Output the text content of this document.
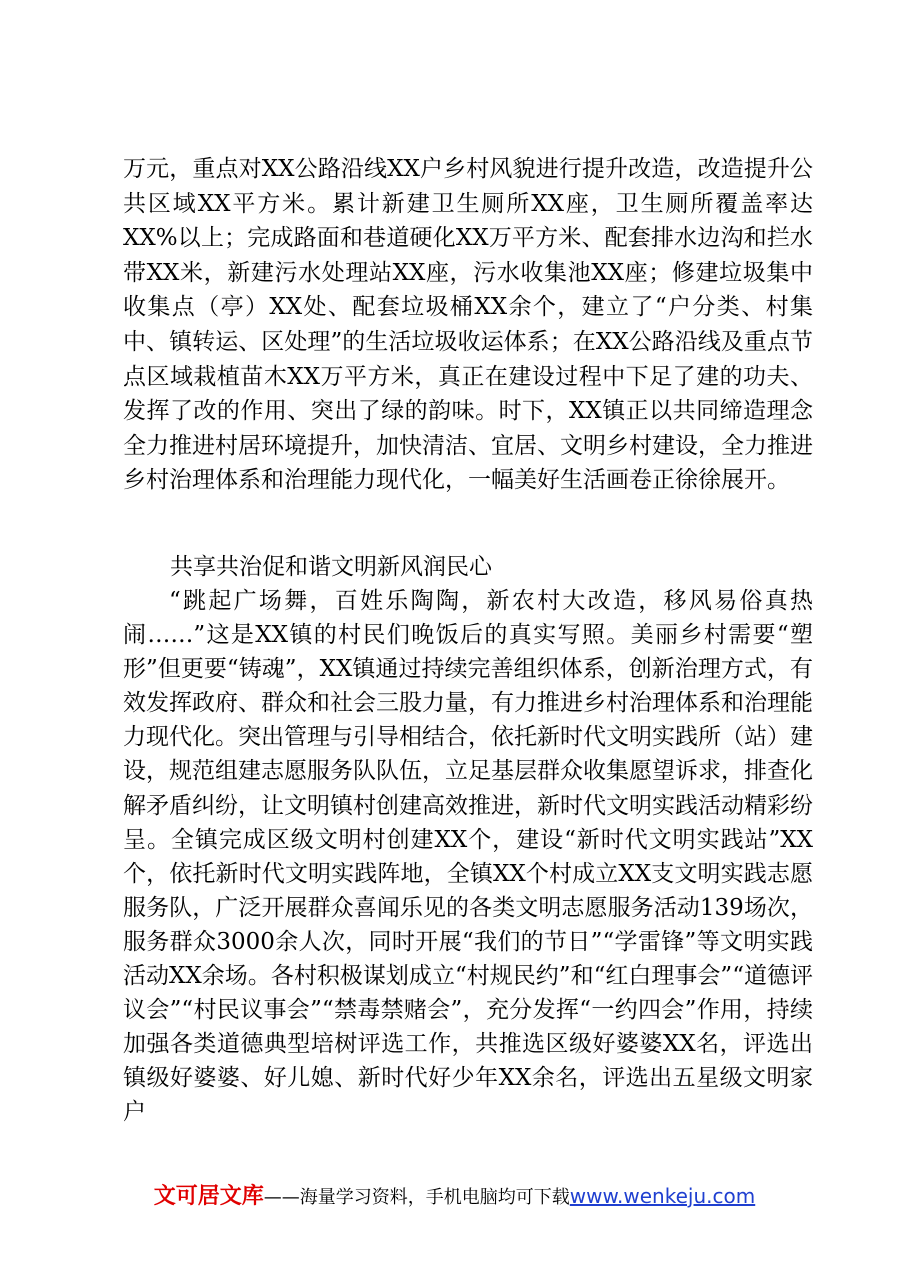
万元，重点对XX公路沿线XX户乡村风貌进行提升改造，改造提升公共区域XX平方米。累计新建卫生厕所XX座，卫生厕所覆盖率达XX%以上；完成路面和巷道硬化XX万平方米、配套排水边沟和拦水带XX米，新建污水处理站XX座，污水收集池XX座；修建垃圾集中收集点（亭）XX处、配套垃圾桶XX余个，建立了“户分类、村集中、镇转运、区处理”的生活垃圾收运体系；在XX公路沿线及重点节点区域栽植苗木XX万平方米，真正在建设过程中下足了建的功夫、发挥了改的作用、突出了绿的韵味。时下，XX镇正以共同缔造理念全力推进村居环境提升，加快清洁、宜居、文明乡村建设，全力推进乡村治理体系和治理能力现代化，一幅美好生活画卷正徐徐展开。
共享共治促和谐文明新风润民心
“跳起广场舞，百姓乐陶陶，新农村大改造，移风易俗真热闹……”这是XX镇的村民们晚饭后的真实写照。美丽乡村需要“塑形”但更要“铸魂”，XX镇通过持续完善组织体系，创新治理方式，有效发挥政府、群众和社会三股力量，有力推进乡村治理体系和治理能力现代化。突出管理与引导相结合，依托新时代文明实践所（站）建设，规范组建志愿服务队队伍，立足基层群众收集愿望诉求，排查化解矛盾纠纷，让文明镇村创建高效推进，新时代文明实践活动精彩纷呈。全镇完成区级文明村创建XX个，建设“新时代文明实践站”XX个，依托新时代文明实践阵地，全镇XX个村成立XX支文明实践志愿服务队，广泛开展群众喜闻乐见的各类文明志愿服务活动139场次，服务群众3000余人次，同时开展“我们的节日”“学雷锋”等文明实践活动XX余场。各村积极谋划成立“村规民约”和“红白理事会”“道德评议会”“村民议事会”“禁毒禁赌会”，充分发挥“一约四会”作用，持续加强各类道德典型培树评选工作，共推选区级好婆婆XX名，评选出镇级好婆婆、好儿媳、新时代好少年XX余名，评选出五星级文明家户
文可居文库——海量学习资料，手机电脑均可下载www.wenkeju.com
